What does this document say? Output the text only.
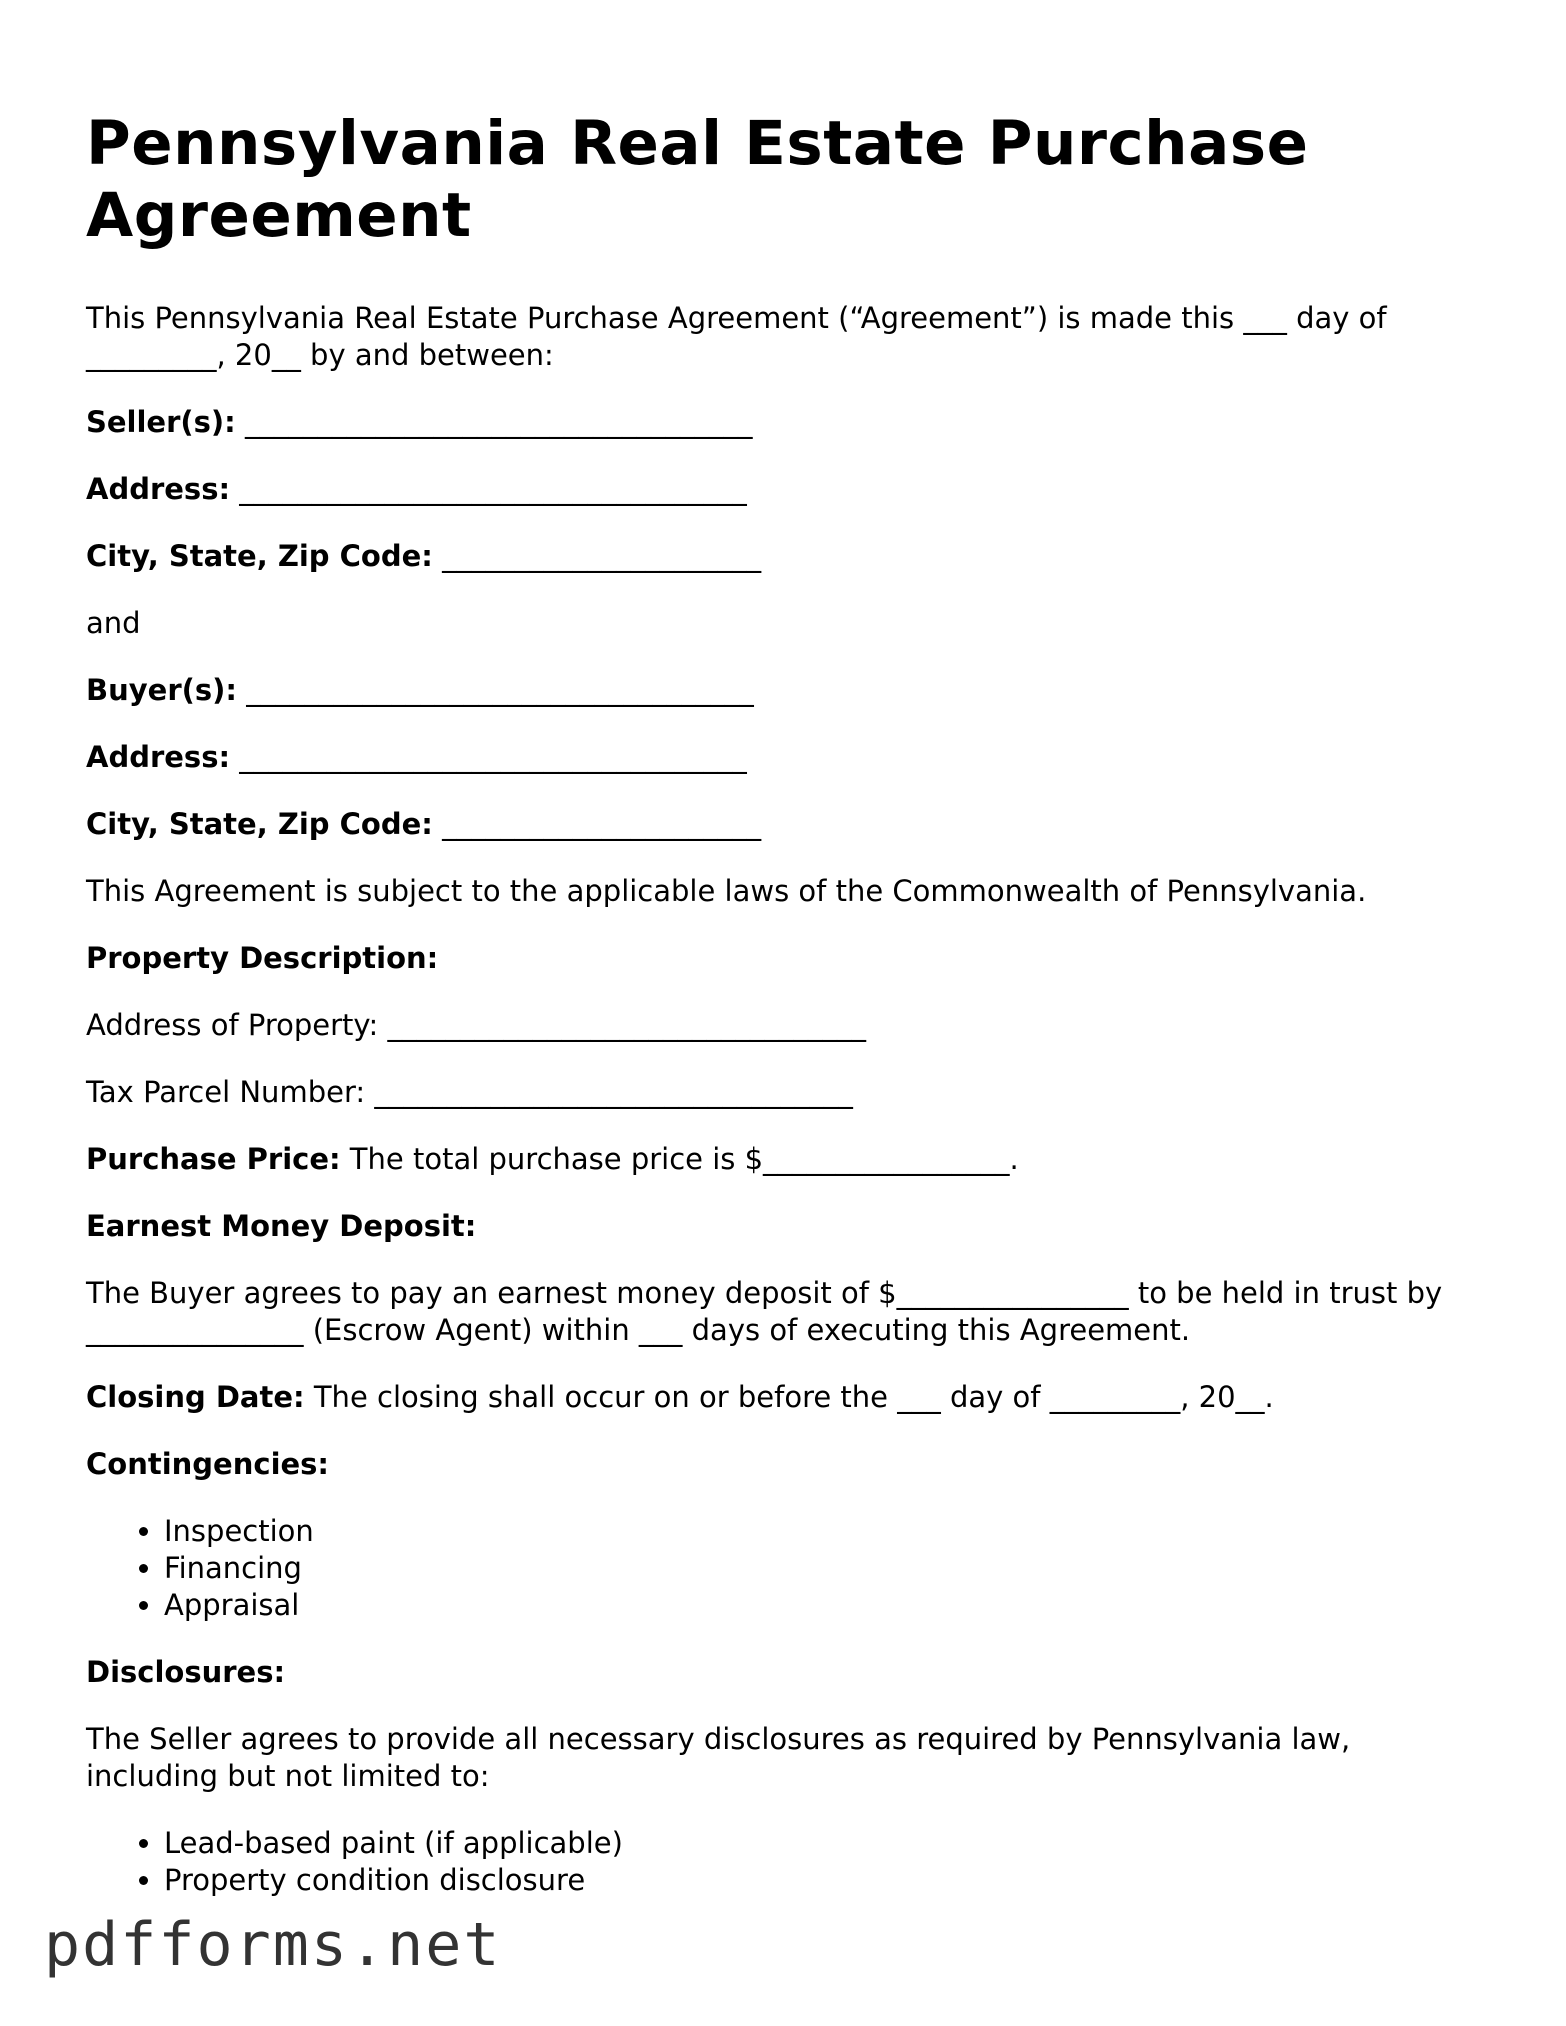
Pennsylvania Real Estate Purchase Agreement

This Pennsylvania Real Estate Purchase Agreement (“Agreement”) is made this ___ day of _________, 20__ by and between:

Seller(s): ___________________________________

Address: ___________________________________

City, State, Zip Code: ______________________

and

Buyer(s): ___________________________________

Address: ___________________________________

City, State, Zip Code: ______________________

This Agreement is subject to the applicable laws of the Commonwealth of Pennsylvania.

Property Description:

Address of Property: _________________________________

Tax Parcel Number: _________________________________

Purchase Price: The total purchase price is $_________________.

Earnest Money Deposit:

The Buyer agrees to pay an earnest money deposit of $________________ to be held in trust by _______________ (Escrow Agent) within ___ days of executing this Agreement.

Closing Date: The closing shall occur on or before the ___ day of _________, 20__.

Contingencies:

• Inspection
• Financing
• Appraisal

Disclosures:

The Seller agrees to provide all necessary disclosures as required by Pennsylvania law, including but not limited to:

• Lead-based paint (if applicable)
• Property condition disclosure
pdfforms.net
